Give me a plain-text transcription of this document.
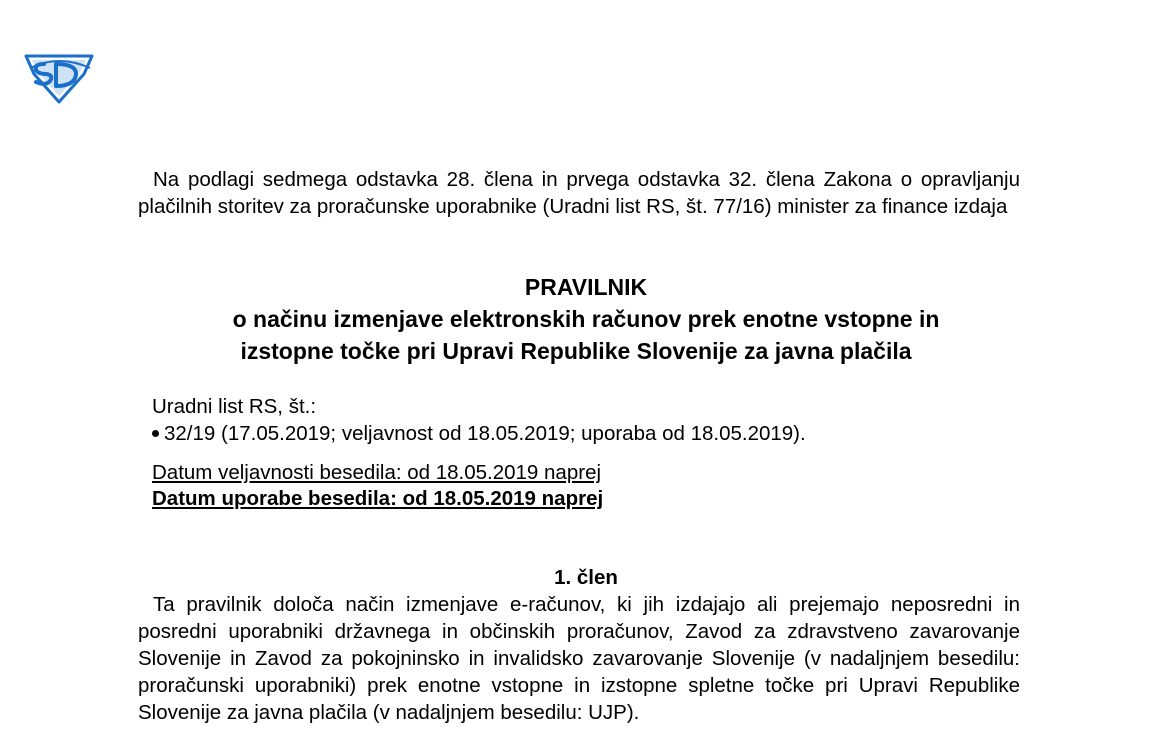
Na podlagi sedmega odstavka 28. člena in prvega odstavka 32. člena Zakona o opravljanju plačilnih storitev za proračunske uporabnike (Uradni list RS, št. 77/16) minister za finance izdaja

PRAVILNIK

o načinu izmenjave elektronskih računov prek enotne vstopne in

izstopne točke pri Upravi Republike Slovenije za javna plačila

Uradni list RS, št.:

32/19 (17.05.2019; veljavnost od 18.05.2019; uporaba od 18.05.2019).

Datum veljavnosti besedila: od 18.05.2019 naprej

Datum uporabe besedila: od 18.05.2019 naprej

1. člen

Ta pravilnik določa način izmenjave e-računov, ki jih izdajajo ali prejemajo neposredni in posredni uporabniki državnega in občinskih proračunov, Zavod za zdravstveno zavarovanje Slovenije in Zavod za pokojninsko in invalidsko zavarovanje Slovenije (v nadaljnjem besedilu: proračunski uporabniki) prek enotne vstopne in izstopne spletne točke pri Upravi Republike Slovenije za javna plačila (v nadaljnjem besedilu: UJP).
